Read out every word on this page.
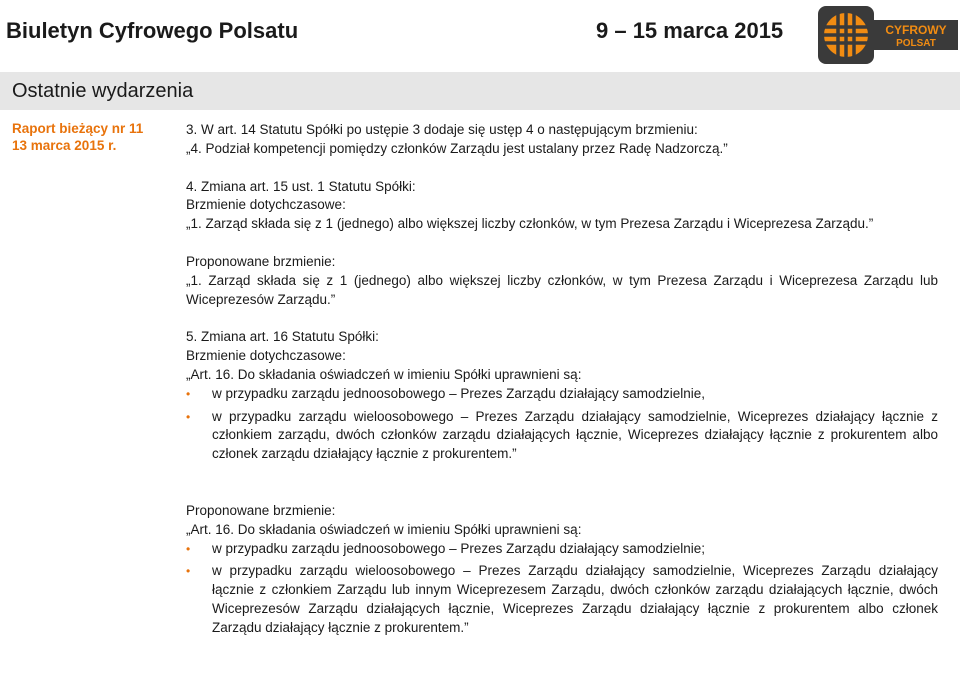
Biuletyn Cyfrowego Polsatu	9 – 15 marca 2015	CYFROWY
POLSAT
Ostatnie wydarzenia
Raport bieżący nr 11
13 marca 2015 r.

3. W art. 14 Statutu Spółki po ustępie 3 dodaje się ustęp 4 o następującym brzmieniu:

„4. Podział kompetencji pomiędzy członków Zarządu jest ustalany przez Radę Nadzorczą.”

4. Zmiana art. 15 ust. 1 Statutu Spółki:

Brzmienie dotychczasowe:

„1. Zarząd składa się z 1 (jednego) albo większej liczby członków, w tym Prezesa Zarządu i Wiceprezesa Zarządu.”

Proponowane brzmienie:

„1. Zarząd składa się z 1 (jednego) albo większej liczby członków, w tym Prezesa Zarządu i Wiceprezesa Zarządu lub Wiceprezesów Zarządu.”

5. Zmiana art. 16 Statutu Spółki:

Brzmienie dotychczasowe:

„Art. 16. Do składania oświadczeń w imieniu Spółki uprawnieni są:

• w przypadku zarządu jednoosobowego – Prezes Zarządu działający samodzielnie,

• w przypadku zarządu wieloosobowego – Prezes Zarządu działający samodzielnie, Wiceprezes działający łącznie z członkiem zarządu, dwóch członków zarządu działających łącznie, Wiceprezes działający łącznie z prokurentem albo członek zarządu działający łącznie z prokurentem.”

Proponowane brzmienie:

„Art. 16. Do składania oświadczeń w imieniu Spółki uprawnieni są:

• w przypadku zarządu jednoosobowego – Prezes Zarządu działający samodzielnie;

• w przypadku zarządu wieloosobowego – Prezes Zarządu działający samodzielnie, Wiceprezes Zarządu działający łącznie z członkiem Zarządu lub innym Wiceprezesem Zarządu, dwóch członków zarządu działających łącznie, dwóch Wiceprezesów Zarządu działających łącznie, Wiceprezes Zarządu działający łącznie z prokurentem albo członek Zarządu działający łącznie z prokurentem.”
